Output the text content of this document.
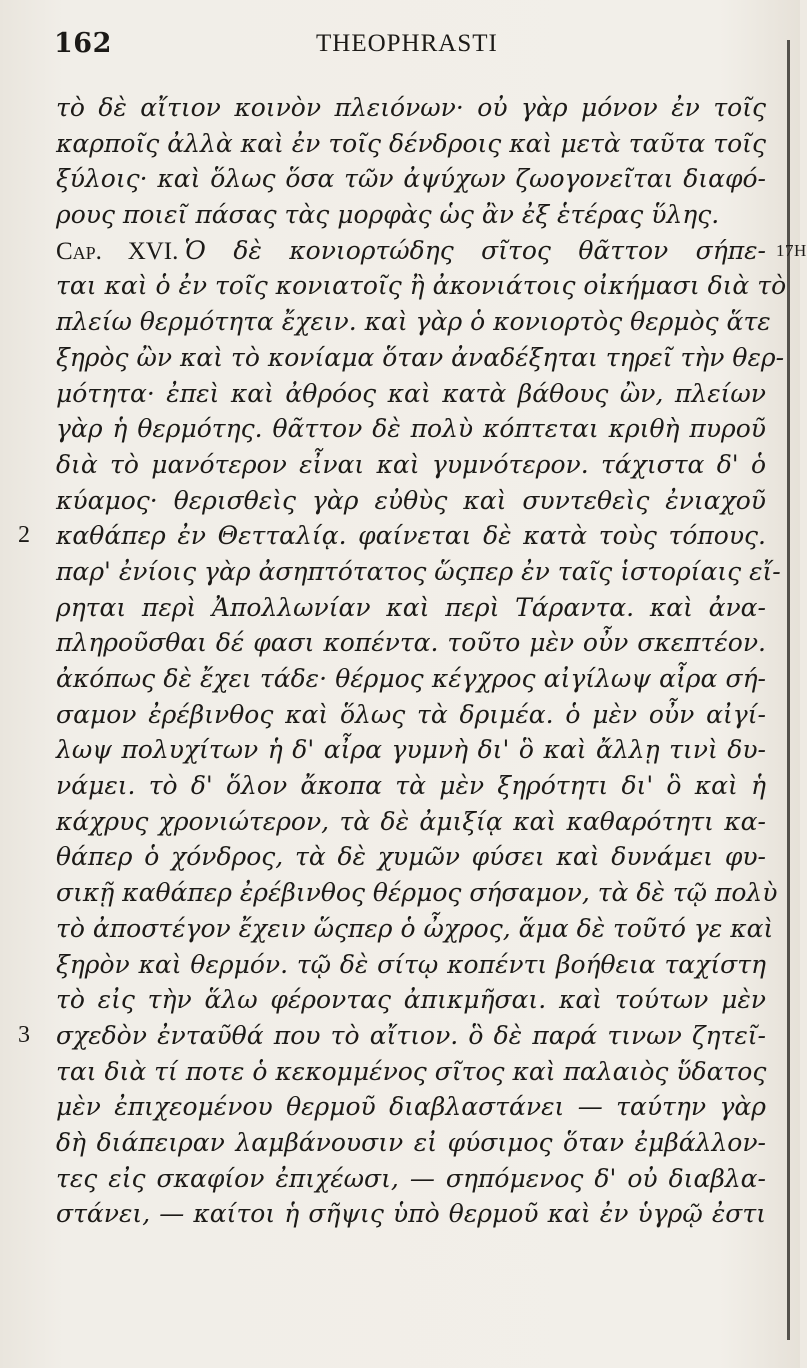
162	THEOPHRASTI
τὸ δὲ αἴτιον κοινὸν πλειόνων· οὐ γὰρ μόνον ἐν τοῖς
καρποῖς ἀλλὰ καὶ ἐν τοῖς δένδροις καὶ μετὰ ταῦτα τοῖς
ξύλοις· καὶ ὅλως ὅσα τῶν ἀψύχων ζωογονεῖται διαφό-
ρους ποιεῖ πάσας τὰς μορφὰς ὡς ἂν ἐξ ἑτέρας ὕλης.
Cap. XVI. Ὁ δὲ κονιορτώδης σῖτος θᾶττον σήπε- 17H
ται καὶ ὁ ἐν τοῖς κονιατοῖς ἢ ἀκονιάτοις οἰκήμασι διὰ τὸ
πλείω θερμότητα ἔχειν. καὶ γὰρ ὁ κονιορτὸς θερμὸς ἅτε
ξηρὸς ὢν καὶ τὸ κονίαμα ὅταν ἀναδέξηται τηρεῖ τὴν θερ-
μότητα· ἐπεὶ καὶ ἀθρόος καὶ κατὰ βάθους ὢν, πλείων
γὰρ ἡ θερμότης. θᾶττον δὲ πολὺ κόπτεται κριθὴ πυροῦ
διὰ τὸ μανότερον εἶναι καὶ γυμνότερον. τάχιστα δ' ὁ
κύαμος· θερισθεὶς γὰρ εὐθὺς καὶ συντεθεὶς ἐνιαχοῦ
2 καθάπερ ἐν Θετταλίᾳ. φαίνεται δὲ κατὰ τοὺς τόπους.
παρ' ἐνίοις γὰρ ἀσηπτότατος ὥςπερ ἐν ταῖς ἱστορίαις εἴ-
ρηται περὶ Ἀπολλωνίαν καὶ περὶ Τάραντα. καὶ ἀνα-
πληροῦσθαι δέ φασι κοπέντα. τοῦτο μὲν οὖν σκεπτέον.
ἀκόπως δὲ ἔχει τάδε· θέρμος κέγχρος αἰγίλωψ αἶρα σή-
σαμον ἐρέβινθος καὶ ὅλως τὰ δριμέα. ὁ μὲν οὖν αἰγί-
λωψ πολυχίτων ἡ δ' αἶρα γυμνὴ δι' ὃ καὶ ἄλλῃ τινὶ δυ-
νάμει. τὸ δ' ὅλον ἄκοπα τὰ μὲν ξηρότητι δι' ὃ καὶ ἡ
κάχρυς χρονιώτερον, τὰ δὲ ἀμιξίᾳ καὶ καθαρότητι κα-
θάπερ ὁ χόνδρος, τὰ δὲ χυμῶν φύσει καὶ δυνάμει φυ-
σικῇ καθάπερ ἐρέβινθος θέρμος σήσαμον, τὰ δὲ τῷ πολὺ
τὸ ἀποστέγον ἔχειν ὥςπερ ὁ ὦχρος, ἅμα δὲ τοῦτό γε καὶ
ξηρὸν καὶ θερμόν. τῷ δὲ σίτῳ κοπέντι βοήθεια ταχίστη
τὸ εἰς τὴν ἅλω φέροντας ἀπικμῆσαι. καὶ τούτων μὲν
3 σχεδὸν ἐνταῦθά που τὸ αἴτιον. ὃ δὲ παρά τινων ζητεῖ-
ται διὰ τί ποτε ὁ κεκομμένος σῖτος καὶ παλαιὸς ὕδατος
μὲν ἐπιχεομένου θερμοῦ διαβλαστάνει — ταύτην γὰρ
δὴ διάπειραν λαμβάνουσιν εἰ φύσιμος ὅταν ἐμβάλλον-
τες εἰς σκαφίον ἐπιχέωσι, — σηπόμενος δ' οὐ διαβλα-
στάνει, — καίτοι ἡ σῆψις ὑπὸ θερμοῦ καὶ ἐν ὑγρῷ ἐστι
